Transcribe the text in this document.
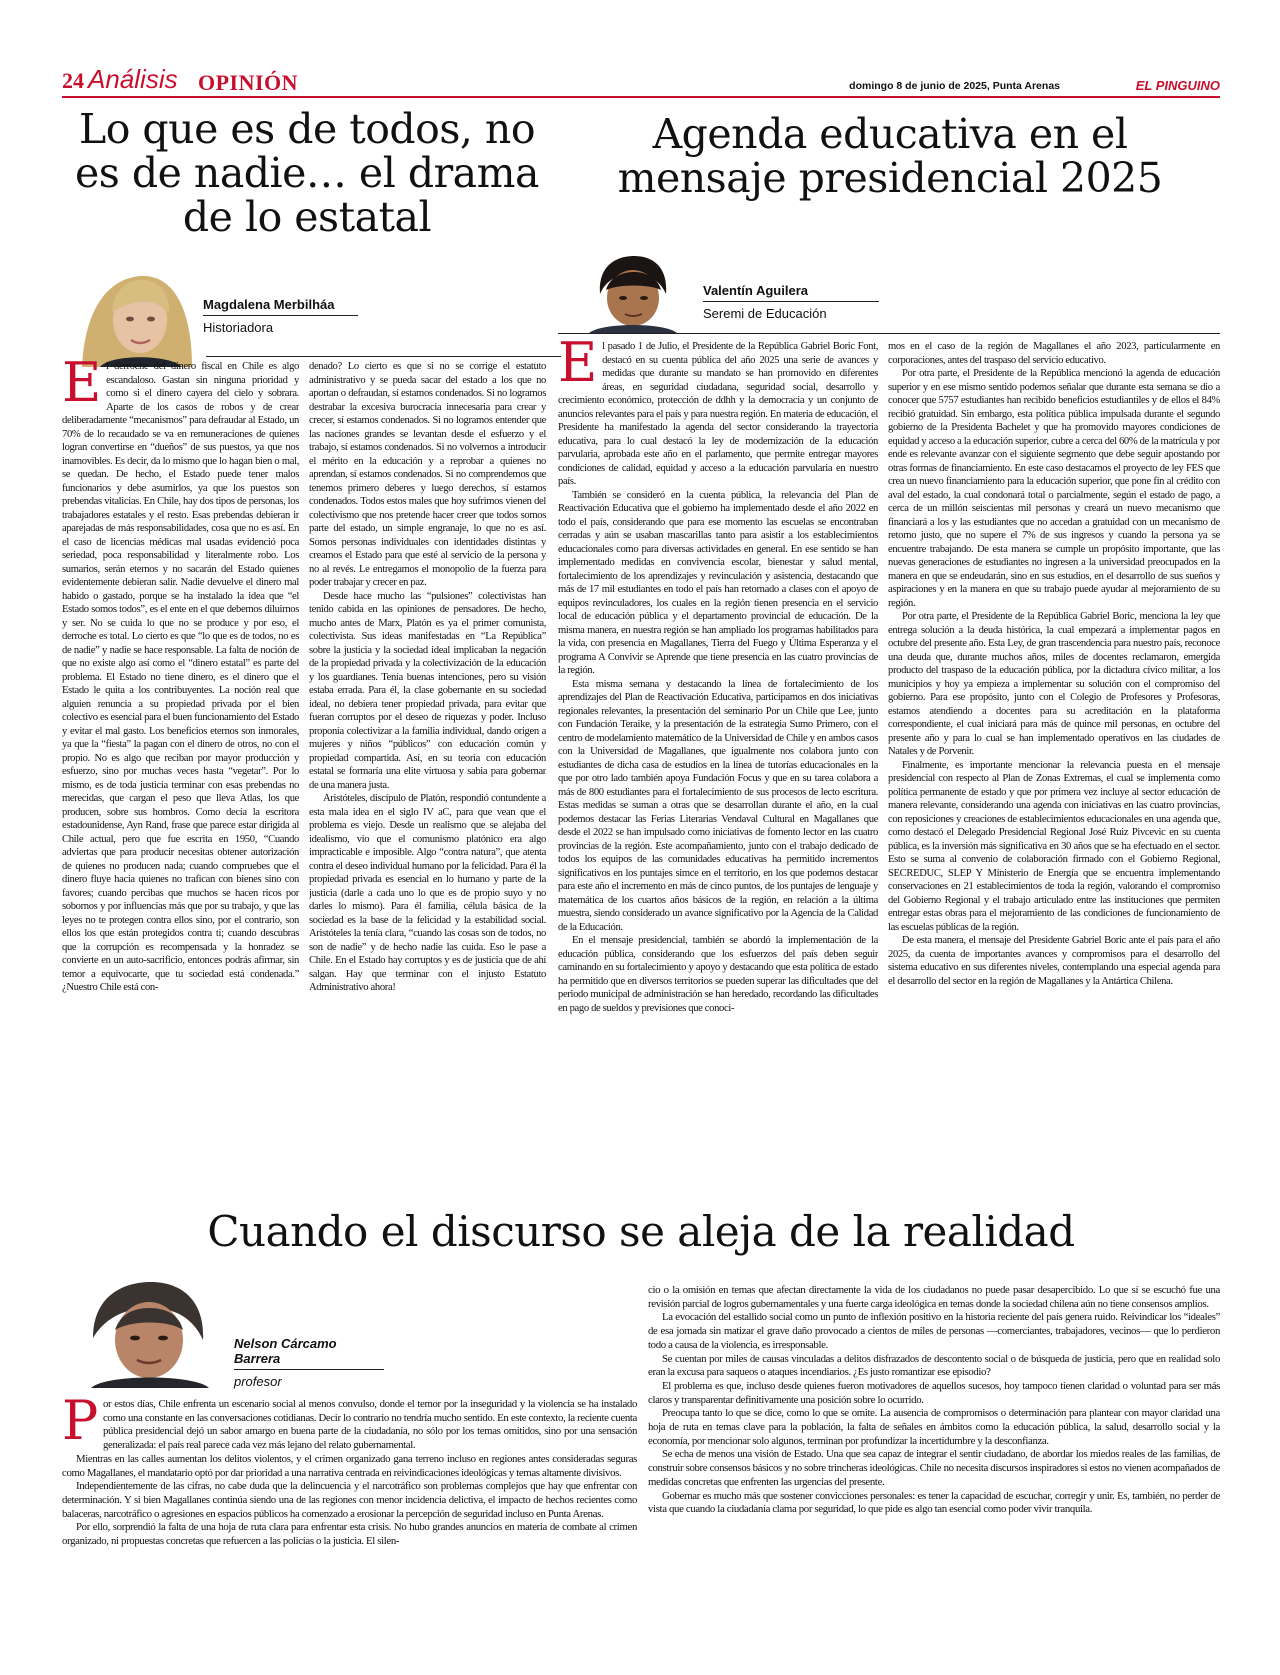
24 Análisis OPINIÓN	domingo 8 de junio de 2025, Punta Arenas	EL PINGUINO
Lo que es de todos, no es de nadie… el drama de lo estatal
Magdalena Merbilháa
Historiadora
E l derroche del dinero fiscal en Chile es algo escandaloso. Gastan sin ninguna prioridad y como si el dinero cayera del cielo y sobrara. Aparte de los casos de robos y de crear deliberadamente “mecanismos” para defraudar al Estado, un 70% de lo recaudado se va en remuneraciones de quienes logran convertirse en “dueños” de sus puestos, ya que nos inamovibles. Es decir, da lo mismo que lo hagan bien o mal, se quedan. De hecho, el Estado puede tener malos funcionarios y debe asumirlos, ya que los puestos son prebendas vitalicias. En Chile, hay dos tipos de personas, los trabajadores estatales y el resto. Esas prebendas debieran ir aparejadas de más responsabilidades, cosa que no es así. En el caso de licencias médicas mal usadas evidenció poca seriedad, poca responsabilidad y literalmente robo. Los sumarios, serán eternos y no sacarán del Estado quienes evidentemente debieran salir. Nadie devuelve el dinero mal habido o gastado, porque se ha instalado la idea que “el Estado somos todos”, es el ente en el que debemos diluirnos y ser. No se cuida lo que no se produce y por eso, el derroche es total. Lo cierto es que “lo que es de todos, no es de nadie” y nadie se hace responsable. La falta de noción de que no existe algo así como el “dinero estatal” es parte del problema. El Estado no tiene dinero, es el dinero que el Estado le quita a los contribuyentes. La noción real que alguien renuncia a su propiedad privada por el bien colectivo es esencial para el buen funcionamiento del Estado y evitar el mal gasto. Los beneficios eternos son inmorales, ya que la “fiesta” la pagan con el dinero de otros, no con el propio. No es algo que reciban por mayor producción y esfuerzo, sino por muchas veces hasta “vegetar”. Por lo mismo, es de toda justicia terminar con esas prebendas no merecidas, que cargan el peso que lleva Atlas, los que producen, sobre sus hombros. Como decía la escritora estadounidense, Ayn Rand, frase que parece estar dirigida al Chile actual, pero que fue escrita en 1950, “Cuando adviertas que para producir necesitas obtener autorización de quienes no producen nada; cuando compruebes que el dinero fluye hacia quienes no trafican con bienes sino con favores; cuando percibas que muchos se hacen ricos por sobornos y por influencias más que por su trabajo, y que las leyes no te protegen contra ellos sino, por el contrario, son ellos los que están protegidos contra ti; cuando descubras que la corrupción es recompensada y la honradez se convierte en un auto-sacrificio, entonces podrás afirmar, sin temor a equivocarte, que tu sociedad está condenada.” ¿Nuestro Chile está con-

denado? Lo cierto es que si no se corrige el estatuto administrativo y se pueda sacar del estado a los que no aportan o defraudan, sí estamos condenados. Si no logramos destrabar la excesiva burocracia innecesaria para crear y crecer, sí estamos condenados. Si no logramos entender que las naciones grandes se levantan desde el esfuerzo y el trabajo, sí estamos condenados. Si no volvemos a introducir el mérito en la educación y a reprobar a quienes no aprendan, sí estamos condenados. Si no comprendemos que tenemos primero deberes y luego derechos, sí estamos condenados. Todos estos males que hoy sufrimos vienen del colectivismo que nos pretende hacer creer que todos somos parte del estado, un simple engranaje, lo que no es así. Somos personas individuales con identidades distintas y creamos el Estado para que esté al servicio de la persona y no al revés. Le entregamos el monopolio de la fuerza para poder trabajar y crecer en paz.

Desde hace mucho las “pulsiones” colectivistas han tenido cabida en las opiniones de pensadores. De hecho, mucho antes de Marx, Platón es ya el primer comunista, colectivista. Sus ideas manifestadas en “La República” sobre la justicia y la sociedad ideal implicaban la negación de la propiedad privada y la colectivización de la educación y los guardianes. Tenía buenas intenciones, pero su visión estaba errada. Para él, la clase gobernante en su sociedad ideal, no debiera tener propiedad privada, para evitar que fueran corruptos por el deseo de riquezas y poder. Incluso proponía colectivizar a la familia individual, dando origen a mujeres y niños “públicos” con educación común y propiedad compartida. Así, en su teoría con educación estatal se formaría una elite virtuosa y sabia para gobernar de una manera justa.

Aristóteles, discípulo de Platón, respondió contundente a esta mala idea en el siglo IV aC, para que vean que el problema es viejo. Desde un realismo que se alejaba del idealismo, vio que el comunismo platónico era algo impracticable e imposible. Algo “contra natura”, que atenta contra el deseo individual humano por la felicidad. Para él la propiedad privada es esencial en lo humano y parte de la justicia (darle a cada uno lo que es de propio suyo y no darles lo mismo). Para él familia, célula básica de la sociedad es la base de la felicidad y la estabilidad social. Aristóteles la tenía clara, “cuando las cosas son de todos, no son de nadie” y de hecho nadie las cuida. Eso le pase a Chile. En el Estado hay corruptos y es de justicia que de ahí salgan. Hay que terminar con el injusto Estatuto Administrativo ahora!

Agenda educativa en el mensaje presidencial 2025
Valentín Aguilera
Seremi de Educación
E l pasado 1 de Julio, el Presidente de la República Gabriel Boric Font, destacó en su cuenta pública del año 2025 una serie de avances y medidas que durante su mandato se han promovido en diferentes áreas, en seguridad ciudadana, seguridad social, desarrollo y crecimiento económico, protección de ddhh y la democracia y un conjunto de anuncios relevantes para el país y para nuestra región. En materia de educación, el Presidente ha manifestado la agenda del sector considerando la trayectoria educativa, para lo cual destacó la ley de modernización de la educación parvularia, aprobada este año en el parlamento, que permite entregar mayores condiciones de calidad, equidad y acceso a la educación parvularia en nuestro país.

También se consideró en la cuenta pública, la relevancia del Plan de Reactivación Educativa que el gobierno ha implementado desde el año 2022 en todo el país, considerando que para ese momento las escuelas se encontraban cerradas y aún se usaban mascarillas tanto para asistir a los establecimientos educacionales como para diversas actividades en general. En ese sentido se han implementado medidas en convivencia escolar, bienestar y salud mental, fortalecimiento de los aprendizajes y revinculación y asistencia, destacando que más de 17 mil estudiantes en todo el país han retornado a clases con el apoyo de equipos revinculadores, los cuales en la región tienen presencia en el servicio local de educación pública y el departamento provincial de educación. De la misma manera, en nuestra región se han ampliado los programas habilitados para la vida, con presencia en Magallanes, Tierra del Fuego y Última Esperanza y el programa A Convivir se Aprende que tiene presencia en las cuatro provincias de la región.

Esta misma semana y destacando la línea de fortalecimiento de los aprendizajes del Plan de Reactivación Educativa, participamos en dos iniciativas regionales relevantes, la presentación del seminario Por un Chile que Lee, junto con Fundación Teraike, y la presentación de la estrategia Sumo Primero, con el centro de modelamiento matemático de la Universidad de Chile y en ambos casos con la Universidad de Magallanes, que igualmente nos colabora junto con estudiantes de dicha casa de estudios en la línea de tutorías educacionales en la que por otro lado también apoya Fundación Focus y que en su tarea colabora a más de 800 estudiantes para el fortalecimiento de sus procesos de lecto escritura. Estas medidas se suman a otras que se desarrollan durante el año, en la cual podemos destacar las Ferias Literarias Vendaval Cultural en Magallanes que desde el 2022 se han impulsado como iniciativas de fomento lector en las cuatro provincias de la región. Este acompañamiento, junto con el trabajo dedicado de todos los equipos de las comunidades educativas ha permitido incrementos significativos en los puntajes simce en el territorio, en los que podemos destacar para este año el incremento en más de cinco puntos, de los puntajes de lenguaje y matemática de los cuartos años básicos de la región, en relación a la última muestra, siendo considerado un avance significativo por la Agencia de la Calidad de la Educación.

En el mensaje presidencial, también se abordó la implementación de la educación pública, considerando que los esfuerzos del país deben seguir caminando en su fortalecimiento y apoyo y destacando que esta política de estado ha permitido que en diversos territorios se pueden superar las dificultades que del periodo municipal de administración se han heredado, recordando las dificultades en pago de sueldos y previsiones que conoci-

mos en el caso de la región de Magallanes el año 2023, particularmente en corporaciones, antes del traspaso del servicio educativo.

Por otra parte, el Presidente de la República mencionó la agenda de educación superior y en ese mismo sentido podemos señalar que durante esta semana se dio a conocer que 5757 estudiantes han recibido beneficios estudiantiles y de ellos el 84% recibió gratuidad. Sin embargo, esta política pública impulsada durante el segundo gobierno de la Presidenta Bachelet y que ha promovido mayores condiciones de equidad y acceso a la educación superior, cubre a cerca del 60% de la matrícula y por ende es relevante avanzar con el siguiente segmento que debe seguir apostando por otras formas de financiamiento. En este caso destacamos el proyecto de ley FES que crea un nuevo financiamiento para la educación superior, que pone fin al crédito con aval del estado, la cual condonará total o parcialmente, según el estado de pago, a cerca de un millón seiscientas mil personas y creará un nuevo mecanismo que financiará a los y las estudiantes que no accedan a gratuidad con un mecanismo de retorno justo, que no supere el 7% de sus ingresos y cuando la persona ya se encuentre trabajando. De esta manera se cumple un propósito importante, que las nuevas generaciones de estudiantes no ingresen a la universidad preocupados en la manera en que se endeudarán, sino en sus estudios, en el desarrollo de sus sueños y aspiraciones y en la manera en que su trabajo puede ayudar al mejoramiento de su región.

Por otra parte, el Presidente de la República Gabriel Boric, menciona la ley que entrega solución a la deuda histórica, la cual empezará a implementar pagos en octubre del presente año. Esta Ley, de gran trascendencia para nuestro país, reconoce una deuda que, durante muchos años, miles de docentes reclamaron, emergida producto del traspaso de la educación pública, por la dictadura cívico militar, a los municipios y hoy ya empieza a implementar su solución con el compromiso del gobierno. Para ese propósito, junto con el Colegio de Profesores y Profesoras, estamos atendiendo a docentes para su acreditación en la plataforma correspondiente, el cual iniciará para más de quince mil personas, en octubre del presente año y para lo cual se han implementado operativos en las ciudades de Natales y de Porvenir.

Finalmente, es importante mencionar la relevancia puesta en el mensaje presidencial con respecto al Plan de Zonas Extremas, el cual se implementa como política permanente de estado y que por primera vez incluye al sector educación de manera relevante, considerando una agenda con iniciativas en las cuatro provincias, con reposiciones y creaciones de establecimientos educacionales en una agenda que, como destacó el Delegado Presidencial Regional José Ruiz Pivcevic en su cuenta pública, es la inversión más significativa en 30 años que se ha efectuado en el sector. Esto se suma al convenio de colaboración firmado con el Gobierno Regional, SECREDUC, SLEP Y Ministerio de Energía que se encuentra implementando conservaciones en 21 establecimientos de toda la región, valorando el compromiso del Gobierno Regional y el trabajo articulado entre las instituciones que permiten entregar estas obras para el mejoramiento de las condiciones de funcionamiento de las escuelas públicas de la región.

De esta manera, el mensaje del Presidente Gabriel Boric ante el país para el año 2025, da cuenta de importantes avances y compromisos para el desarrollo del sistema educativo en sus diferentes niveles, contemplando una especial agenda para el desarrollo del sector en la región de Magallanes y la Antártica Chilena.

Cuando el discurso se aleja de la realidad
Nelson Cárcamo Barrera
profesor
P or estos días, Chile enfrenta un escenario social al menos convulso, donde el temor por la inseguridad y la violencia se ha instalado como una constante en las conversaciones cotidianas. Decir lo contrario no tendría mucho sentido. En este contexto, la reciente cuenta pública presidencial dejó un sabor amargo en buena parte de la ciudadanía, no sólo por los temas omitidos, sino por una sensación generalizada: el país real parece cada vez más lejano del relato gubernamental.

Mientras en las calles aumentan los delitos violentos, y el crimen organizado gana terreno incluso en regiones antes consideradas seguras como Magallanes, el mandatario optó por dar prioridad a una narrativa centrada en reivindicaciones ideológicas y temas altamente divisivos.

Independientemente de las cifras, no cabe duda que la delincuencia y el narcotráfico son problemas complejos que hay que enfrentar con determinación. Y si bien Magallanes continúa siendo una de las regiones con menor incidencia delictiva, el impacto de hechos recientes como balaceras, narcotráfico o agresiones en espacios públicos ha comenzado a erosionar la percepción de seguridad incluso en Punta Arenas.

Por ello, sorprendió la falta de una hoja de ruta clara para enfrentar esta crisis. No hubo grandes anuncios en materia de combate al crimen organizado, ni propuestas concretas que refuercen a las policías o la justicia. El silen-

cio o la omisión en temas que afectan directamente la vida de los ciudadanos no puede pasar desapercibido. Lo que sí se escuchó fue una revisión parcial de logros gubernamentales y una fuerte carga ideológica en temas donde la sociedad chilena aún no tiene consensos amplios.

La evocación del estallido social como un punto de inflexión positivo en la historia reciente del país genera ruido. Reivindicar los “ideales” de esa jornada sin matizar el grave daño provocado a cientos de miles de personas —comerciantes, trabajadores, vecinos— que lo perdieron todo a causa de la violencia, es irresponsable.

Se cuentan por miles de causas vinculadas a delitos disfrazados de descontento social o de búsqueda de justicia, pero que en realidad solo eran la excusa para saqueos o ataques incendiarios. ¿Es justo romantizar ese episodio?

El problema es que, incluso desde quienes fueron motivadores de aquellos sucesos, hoy tampoco tienen claridad o voluntad para ser más claros y transparentar definitivamente una posición sobre lo ocurrido.

Preocupa tanto lo que se dice, como lo que se omite. La ausencia de compromisos o determinación para plantear con mayor claridad una hoja de ruta en temas clave para la población, la falta de señales en ámbitos como la educación pública, la salud, desarrollo social y la economía, por mencionar solo algunos, terminan por profundizar la incertidumbre y la desconfianza.

Se echa de menos una visión de Estado. Una que sea capaz de integrar el sentir ciudadano, de abordar los miedos reales de las familias, de construir sobre consensos básicos y no sobre trincheras ideológicas. Chile no necesita discursos inspiradores si estos no vienen acompañados de medidas concretas que enfrenten las urgencias del presente.

Gobernar es mucho más que sostener convicciones personales: es tener la capacidad de escuchar, corregir y unir. Es, también, no perder de vista que cuando la ciudadanía clama por seguridad, lo que pide es algo tan esencial como poder vivir tranquila.
